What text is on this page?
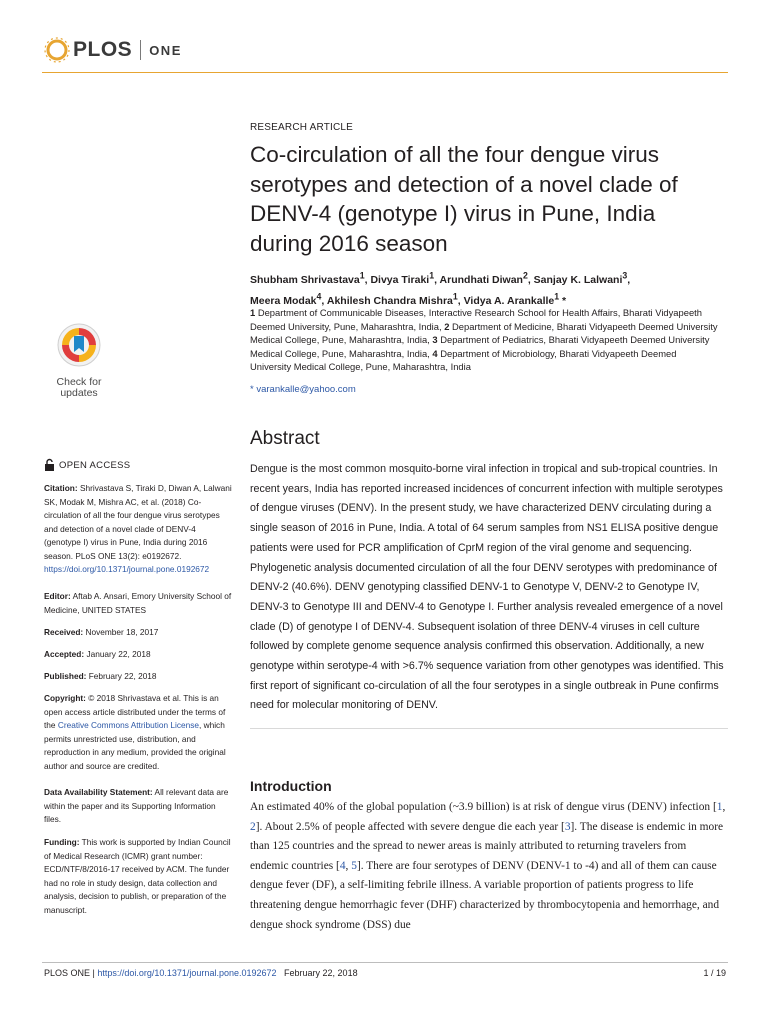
PLOS ONE
RESEARCH ARTICLE
Co-circulation of all the four dengue virus serotypes and detection of a novel clade of DENV-4 (genotype I) virus in Pune, India during 2016 season
Shubham Shrivastava$^1$, Divya Tiraki$^1$, Arundhati Diwan$^2$, Sanjay K. Lalwani$^3$,
Meera Modak$^4$, Akhilesh Chandra Mishra$^1$, Vidya A. Arankalle$^1$ *
1 Department of Communicable Diseases, Interactive Research School for Health Affairs, Bharati Vidyapeeth Deemed University, Pune, Maharashtra, India, 2 Department of Medicine, Bharati Vidyapeeth Deemed University Medical College, Pune, Maharashtra, India, 3 Department of Pediatrics, Bharati Vidyapeeth Deemed University Medical College, Pune, Maharashtra, India, 4 Department of Microbiology, Bharati Vidyapeeth Deemed University Medical College, Pune, Maharashtra, India
* varankalle@yahoo.com
Check for
updates
OPEN ACCESS
Citation: Shrivastava S, Tiraki D, Diwan A, Lalwani SK, Modak M, Mishra AC, et al. (2018) Co-circulation of all the four dengue virus serotypes and detection of a novel clade of DENV-4 (genotype I) virus in Pune, India during 2016 season. PLoS ONE 13(2): e0192672. https://doi.org/10.1371/journal.pone.0192672
Editor: Aftab A. Ansari, Emory University School of Medicine, UNITED STATES
Received: November 18, 2017
Accepted: January 22, 2018
Published: February 22, 2018
Copyright: © 2018 Shrivastava et al. This is an open access article distributed under the terms of the Creative Commons Attribution License, which permits unrestricted use, distribution, and reproduction in any medium, provided the original author and source are credited.
Data Availability Statement: All relevant data are within the paper and its Supporting Information files.
Funding: This work is supported by Indian Council of Medical Research (ICMR) grant number: ECD/NTF/8/2016-17 received by ACM. The funder had no role in study design, data collection and analysis, decision to publish, or preparation of the manuscript.
Abstract
Dengue is the most common mosquito-borne viral infection in tropical and sub-tropical countries. In recent years, India has reported increased incidences of concurrent infection with multiple serotypes of dengue viruses (DENV). In the present study, we have characterized DENV circulating during a single season of 2016 in Pune, India. A total of 64 serum samples from NS1 ELISA positive dengue patients were used for PCR amplification of CprM region of the viral genome and sequencing. Phylogenetic analysis documented circulation of all the four DENV serotypes with predominance of DENV-2 (40.6%). DENV genotyping classified DENV-1 to Genotype V, DENV-2 to Genotype IV, DENV-3 to Genotype III and DENV-4 to Genotype I. Further analysis revealed emergence of a novel clade (D) of genotype I of DENV-4. Subsequent isolation of three DENV-4 viruses in cell culture followed by complete genome sequence analysis confirmed this observation. Additionally, a new genotype within serotype-4 with >6.7% sequence variation from other genotypes was identified. This first report of significant co-circulation of all the four serotypes in a single outbreak in Pune confirms need for molecular monitoring of DENV.
Introduction
An estimated 40% of the global population (~3.9 billion) is at risk of dengue virus (DENV) infection [1, 2]. About 2.5% of people affected with severe dengue die each year [3]. The disease is endemic in more than 125 countries and the spread to newer areas is mainly attributed to returning travelers from endemic countries [4, 5]. There are four serotypes of DENV (DENV-1 to -4) and all of them can cause dengue fever (DF), a self-limiting febrile illness. A variable proportion of patients progress to life threatening dengue hemorrhagic fever (DHF) characterized by thrombocytopenia and hemorrhage, and dengue shock syndrome (DSS) due
PLOS ONE | https://doi.org/10.1371/journal.pone.0192672 February 22, 2018	1 / 19
